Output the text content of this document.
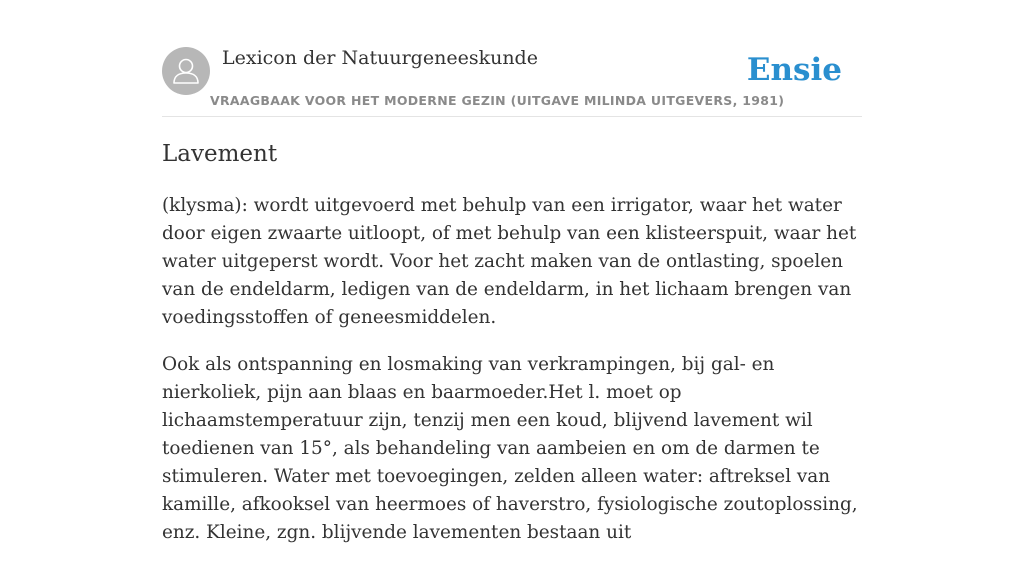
Lexicon der Natuurgeneeskunde
VRAAGBAAK VOOR HET MODERNE GEZIN (UITGAVE MILINDA UITGEVERS, 1981)
Ensie
Lavement

(klysma): wordt uitgevoerd met behulp van een irrigator, waar het water door eigen zwaarte uitloopt, of met behulp van een klisteerspuit, waar het water uitgeperst wordt. Voor het zacht maken van de ontlasting, spoelen van de endeldarm, ledigen van de endeldarm, in het lichaam brengen van voedingsstoffen of geneesmiddelen.

Ook als ontspanning en losmaking van verkrampingen, bij gal- en nierkoliek, pijn aan blaas en baarmoeder.Het l. moet op lichaamstemperatuur zijn, tenzij men een koud, blijvend lavement wil toedienen van 15°, als behandeling van aambeien en om de darmen te stimuleren. Water met toevoegingen, zelden alleen water: aftreksel van kamille, afkooksel van heermoes of haverstro, fysiologische zoutoplossing, enz. Kleine, zgn. blijvende lavementen bestaan uit
